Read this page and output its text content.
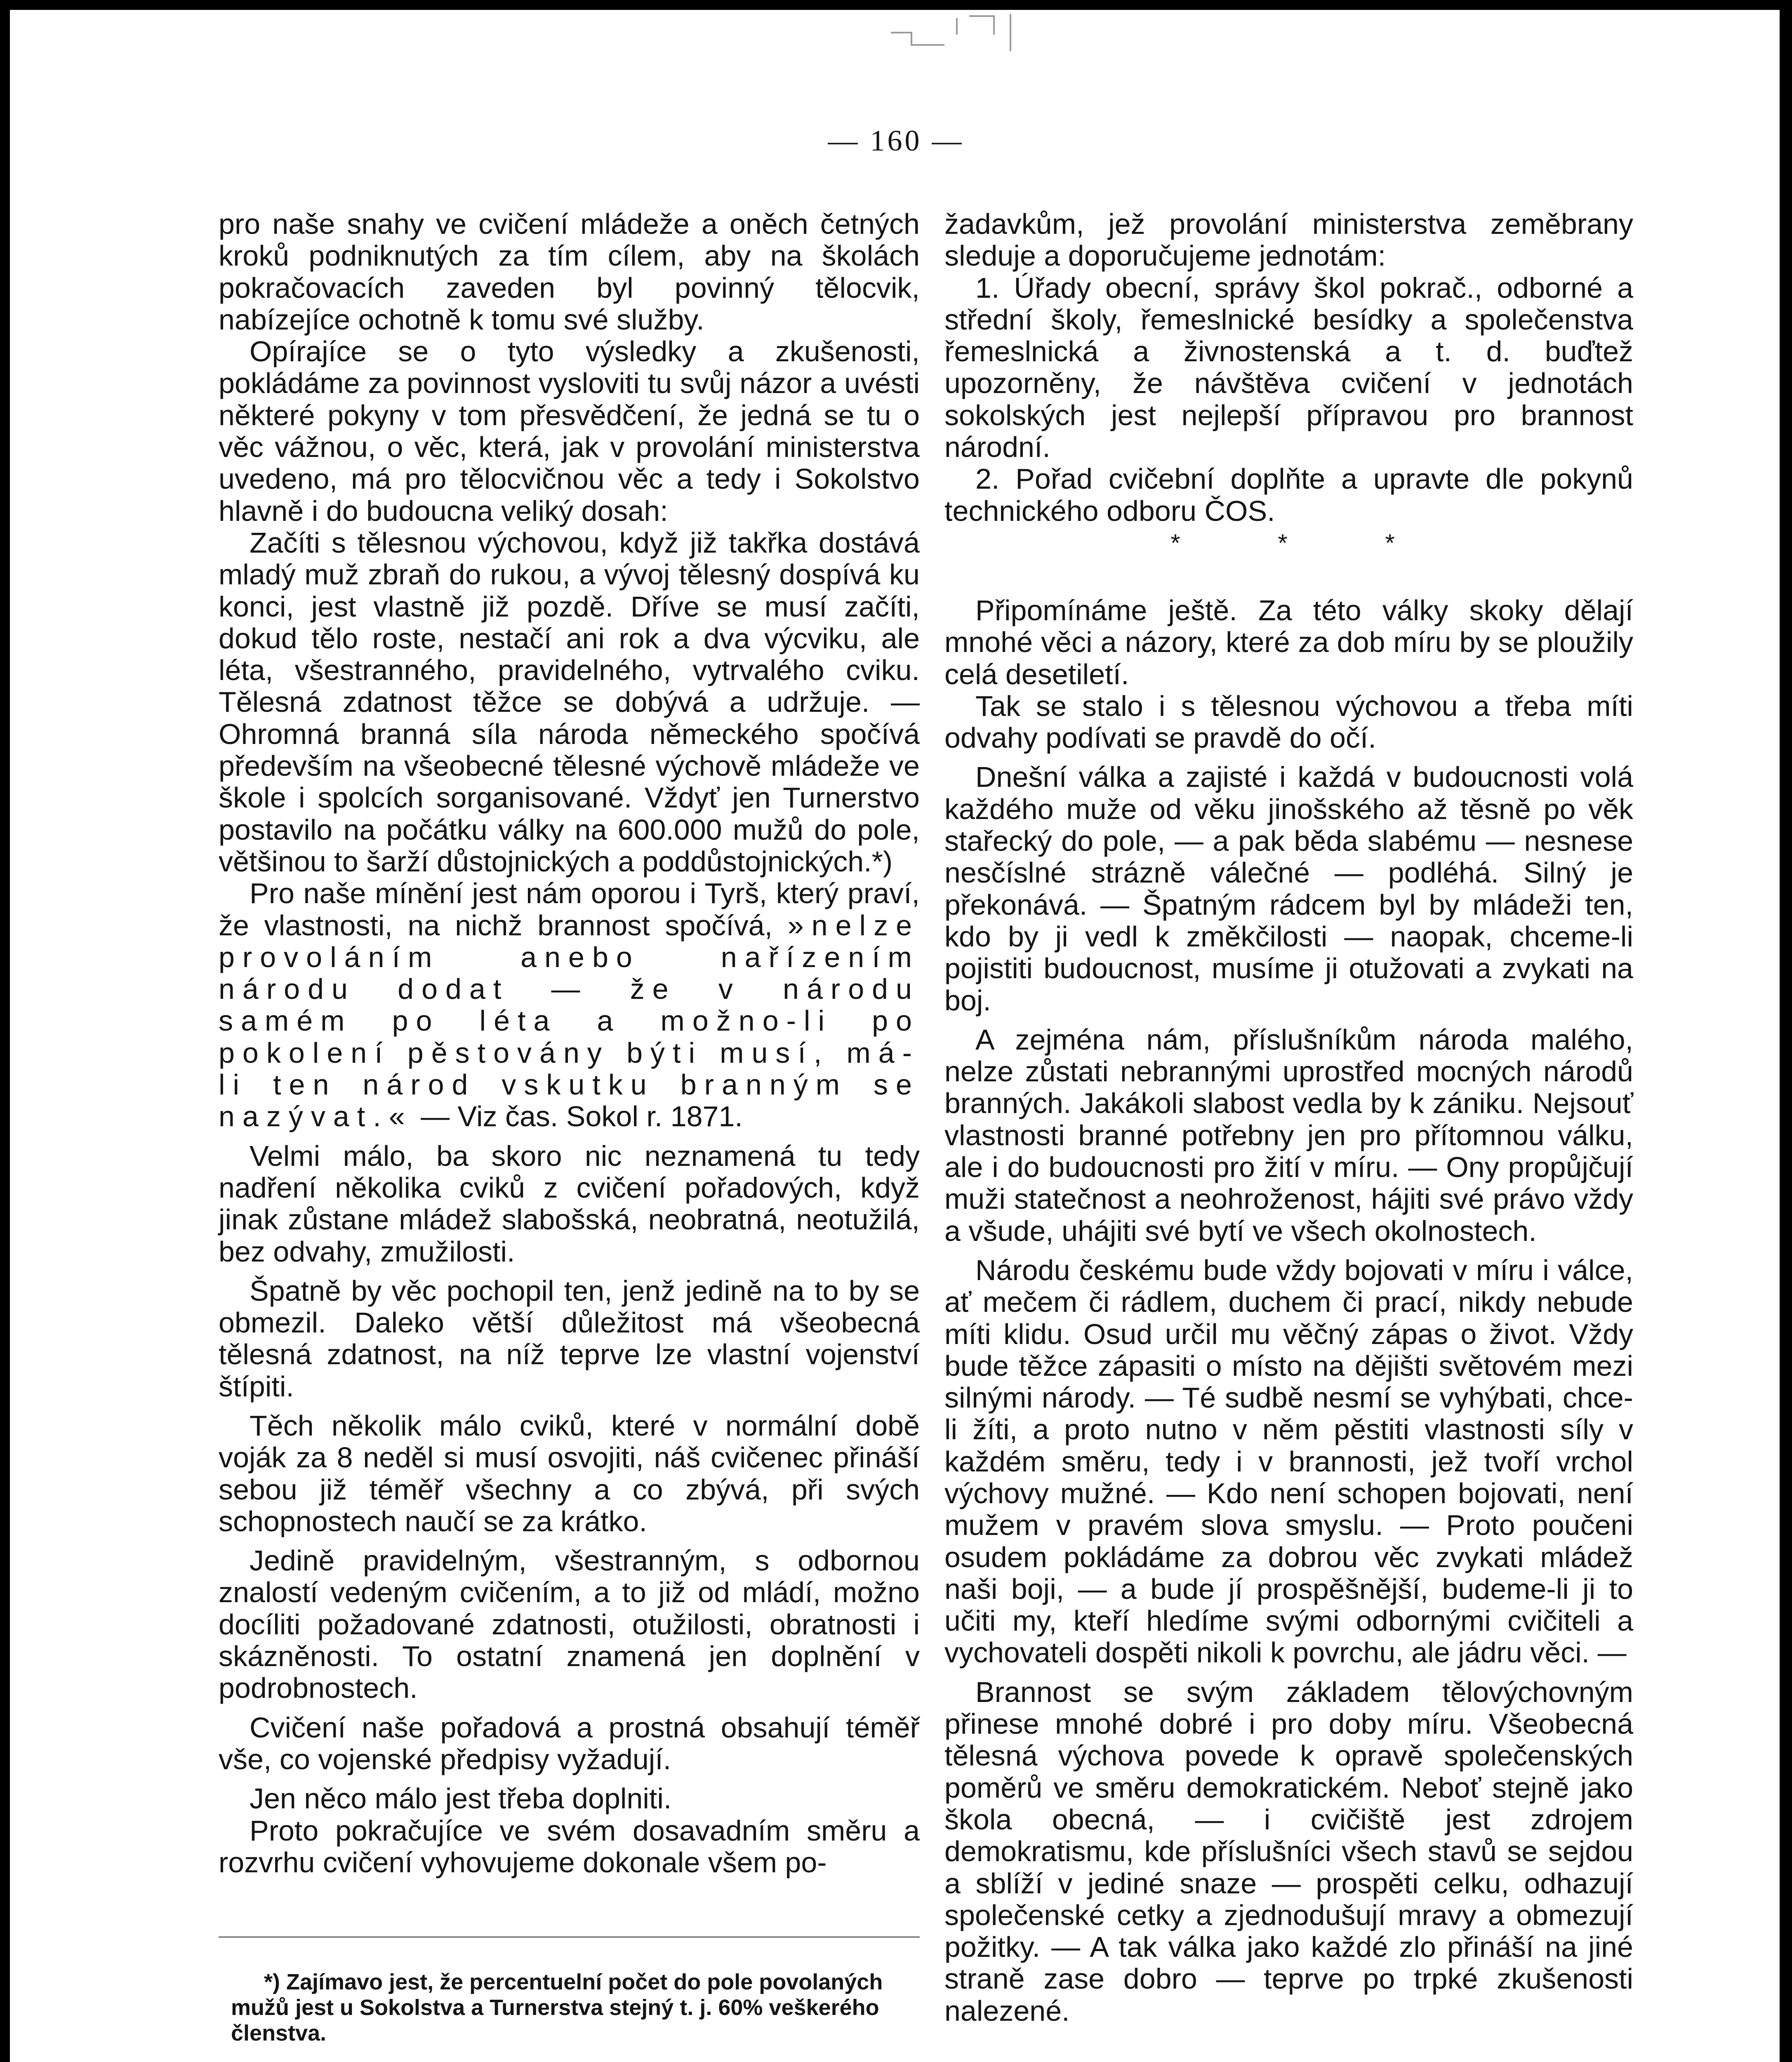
— 160 —

pro naše snahy ve cvičení mládeže a oněch četných kroků podniknutých za tím cílem, aby na školách pokračovacích zaveden byl povinný tělocvik, nabízejíce ochotně k tomu své služby.

Opírajíce se o tyto výsledky a zkušenosti, pokládáme za povinnost vysloviti tu svůj názor a uvésti některé pokyny v tom přesvědčení, že jedná se tu o věc vážnou, o věc, která, jak v provolání ministerstva uvedeno, má pro tělocvičnou věc a tedy i Sokolstvo hlavně i do budoucna veliký dosah:

Začíti s tělesnou výchovou, když již takřka dostává mladý muž zbraň do rukou, a vývoj tělesný dospívá ku konci, jest vlastně již pozdě. Dříve se musí začíti, dokud tělo roste, nestačí ani rok a dva výcviku, ale léta, všestranného, pravidelného, vytrvalého cviku. Tělesná zdatnost těžce se dobývá a udržuje. — Ohromná branná síla národa německého spočívá především na všeobecné tělesné výchově mládeže ve škole i spolcích sorganisované. Vždyť jen Turnerstvo postavilo na počátku války na 600.000 mužů do pole, většinou to šarží důstojnických a poddůstojnických.*)

Pro naše mínění jest nám oporou i Tyrš, který praví, že vlastnosti, na nichž brannost spočívá, »nelze provoláním anebo nařízením národu dodat — že v národu samém po léta a možno-li po pokolení pěstovány býti musí, má-li ten národ vskutku branným se nazývat.« — Viz čas. Sokol r. 1871.

Velmi málo, ba skoro nic neznamená tu tedy nadření několika cviků z cvičení pořadových, když jinak zůstane mládež slabošská, neobratná, neotužilá, bez odvahy, zmužilosti.

Špatně by věc pochopil ten, jenž jedině na to by se obmezil. Daleko větší důležitost má všeobecná tělesná zdatnost, na níž teprve lze vlastní vojenství štípiti.

Těch několik málo cviků, které v normální době voják za 8 neděl si musí osvojiti, náš cvičenec přináší sebou již téměř všechny a co zbývá, při svých schopnostech naučí se za krátko.

Jedině pravidelným, všestranným, s odbornou znalostí vedeným cvičením, a to již od mládí, možno docíliti požadované zdatnosti, otužilosti, obratnosti i skázněnosti. To ostatní znamená jen doplnění v podrobnostech.

Cvičení naše pořadová a prostná obsahují téměř vše, co vojenské předpisy vyžadují.

Jen něco málo jest třeba doplniti.

Proto pokračujíce ve svém dosavadním směru a rozvrhu cvičení vyhovujeme dokonale všem po-

*) Zajímavo jest, že percentuelní počet do pole povolaných mužů jest u Sokolstva a Turnerstva stejný t. j. 60% veškerého členstva.

žadavkům, jež provolání ministerstva zeměbrany sleduje a doporučujeme jednotám:

1. Úřady obecní, správy škol pokrač., odborné a střední školy, řemeslnické besídky a společenstva řemeslnická a živnostenská a t. d. buďtež upozorněny, že návštěva cvičení v jednotách sokolských jest nejlepší přípravou pro brannost národní.

2. Pořad cvičební doplňte a upravte dle pokynů technického odboru ČOS.

* * *

Připomínáme ještě. Za této války skoky dělají mnohé věci a názory, které za dob míru by se ploužily celá desetiletí.

Tak se stalo i s tělesnou výchovou a třeba míti odvahy podívati se pravdě do očí.

Dnešní válka a zajisté i každá v budoucnosti volá každého muže od věku jinošského až těsně po věk stařecký do pole, — a pak běda slabému — nesnese nesčíslné strázně válečné — podléhá. Silný je překonává. — Špatným rádcem byl by mládeži ten, kdo by ji vedl k změkčilosti — naopak, chceme-li pojistiti budoucnost, musíme ji otužovati a zvykati na boj.

A zejména nám, příslušníkům národa malého, nelze zůstati nebrannými uprostřed mocných národů branných. Jakákoli slabost vedla by k zániku. Nejsouť vlastnosti branné potřebny jen pro přítomnou válku, ale i do budoucnosti pro žití v míru. — Ony propůjčují muži statečnost a neohroženost, hájiti své právo vždy a všude, uhájiti své bytí ve všech okolnostech.

Národu českému bude vždy bojovati v míru i válce, ať mečem či rádlem, duchem či prací, nikdy nebude míti klidu. Osud určil mu věčný zápas o život. Vždy bude těžce zápasiti o místo na dějišti světovém mezi silnými národy. — Té sudbě nesmí se vyhýbati, chce-li žíti, a proto nutno v něm pěstiti vlastnosti síly v každém směru, tedy i v brannosti, jež tvoří vrchol výchovy mužné. — Kdo není schopen bojovati, není mužem v pravém slova smyslu. — Proto poučeni osudem pokládáme za dobrou věc zvykati mládež naši boji, — a bude jí prospěšnější, budeme-li ji to učiti my, kteří hledíme svými odbornými cvičiteli a vychovateli dospěti nikoli k povrchu, ale jádru věci. —

Brannost se svým základem tělovýchovným přinese mnohé dobré i pro doby míru. Všeobecná tělesná výchova povede k opravě společenských poměrů ve směru demokratickém. Neboť stejně jako škola obecná, — i cvičiště jest zdrojem demokratismu, kde příslušníci všech stavů se sejdou a sblíží v jediné snaze — prospěti celku, odhazují společenské cetky a zjednodušují mravy a obmezují požitky. — A tak válka jako každé zlo přináší na jiné straně zase dobro — teprve po trpké zkušenosti nalezené.
